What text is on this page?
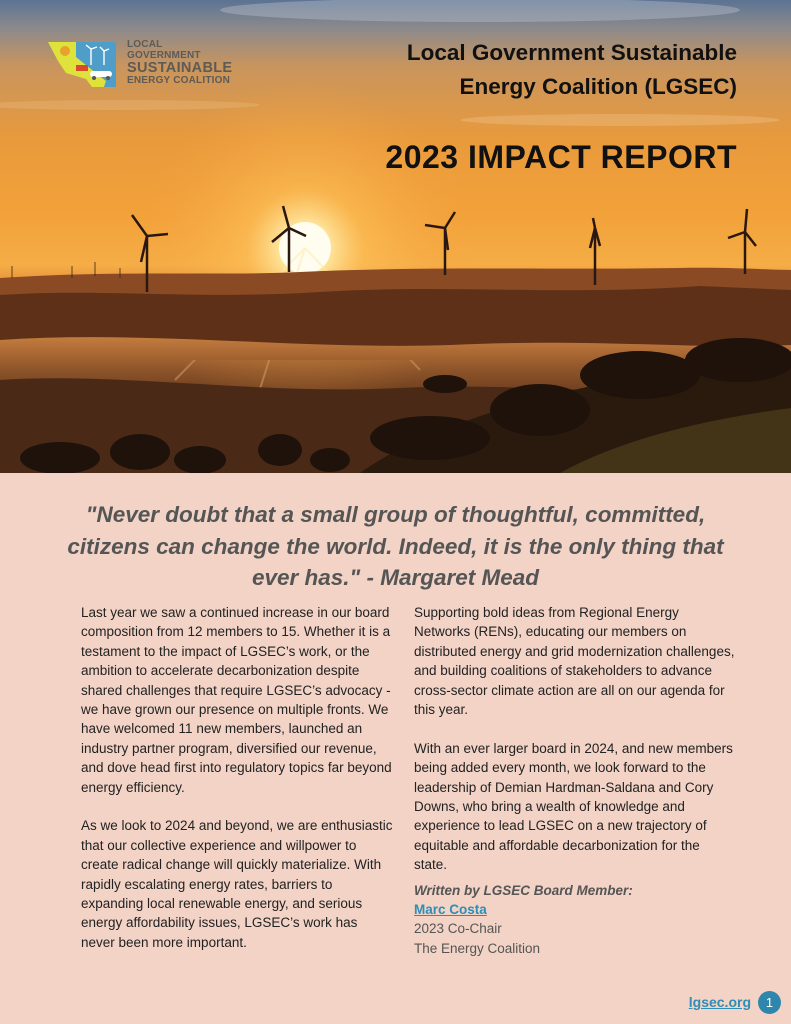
LOCAL GOVERNMENT
SUSTAINABLE
ENERGY COALITION
Local Government Sustainable
Energy Coalition (LGSEC)
2023 IMPACT REPORT
"Never doubt that a small group of thoughtful, committed, citizens can change the world. Indeed, it is the only thing that ever has." - Margaret Mead

Last year we saw a continued increase in our board composition from 12 members to 15. Whether it is a testament to the impact of LGSEC’s work, or the ambition to accelerate decarbonization despite shared challenges that require LGSEC’s advocacy - we have grown our presence on multiple fronts. We have welcomed 11 new members, launched an industry partner program, diversified our revenue, and dove head first into regulatory topics far beyond energy efficiency.

As we look to 2024 and beyond, we are enthusiastic that our collective experience and willpower to create radical change will quickly materialize. With rapidly escalating energy rates, barriers to expanding local renewable energy, and serious energy affordability issues, LGSEC’s work has never been more important.

Supporting bold ideas from Regional Energy Networks (RENs), educating our members on distributed energy and grid modernization challenges, and building coalitions of stakeholders to advance cross-sector climate action are all on our agenda for this year.

With an ever larger board in 2024, and new members being added every month, we look forward to the leadership of Demian Hardman-Saldana and Cory Downs, who bring a wealth of knowledge and experience to lead LGSEC on a new trajectory of equitable and affordable decarbonization for the state.

Written by LGSEC Board Member:
Marc Costa
2023 Co-Chair
The Energy Coalition
lgsec.org	1
